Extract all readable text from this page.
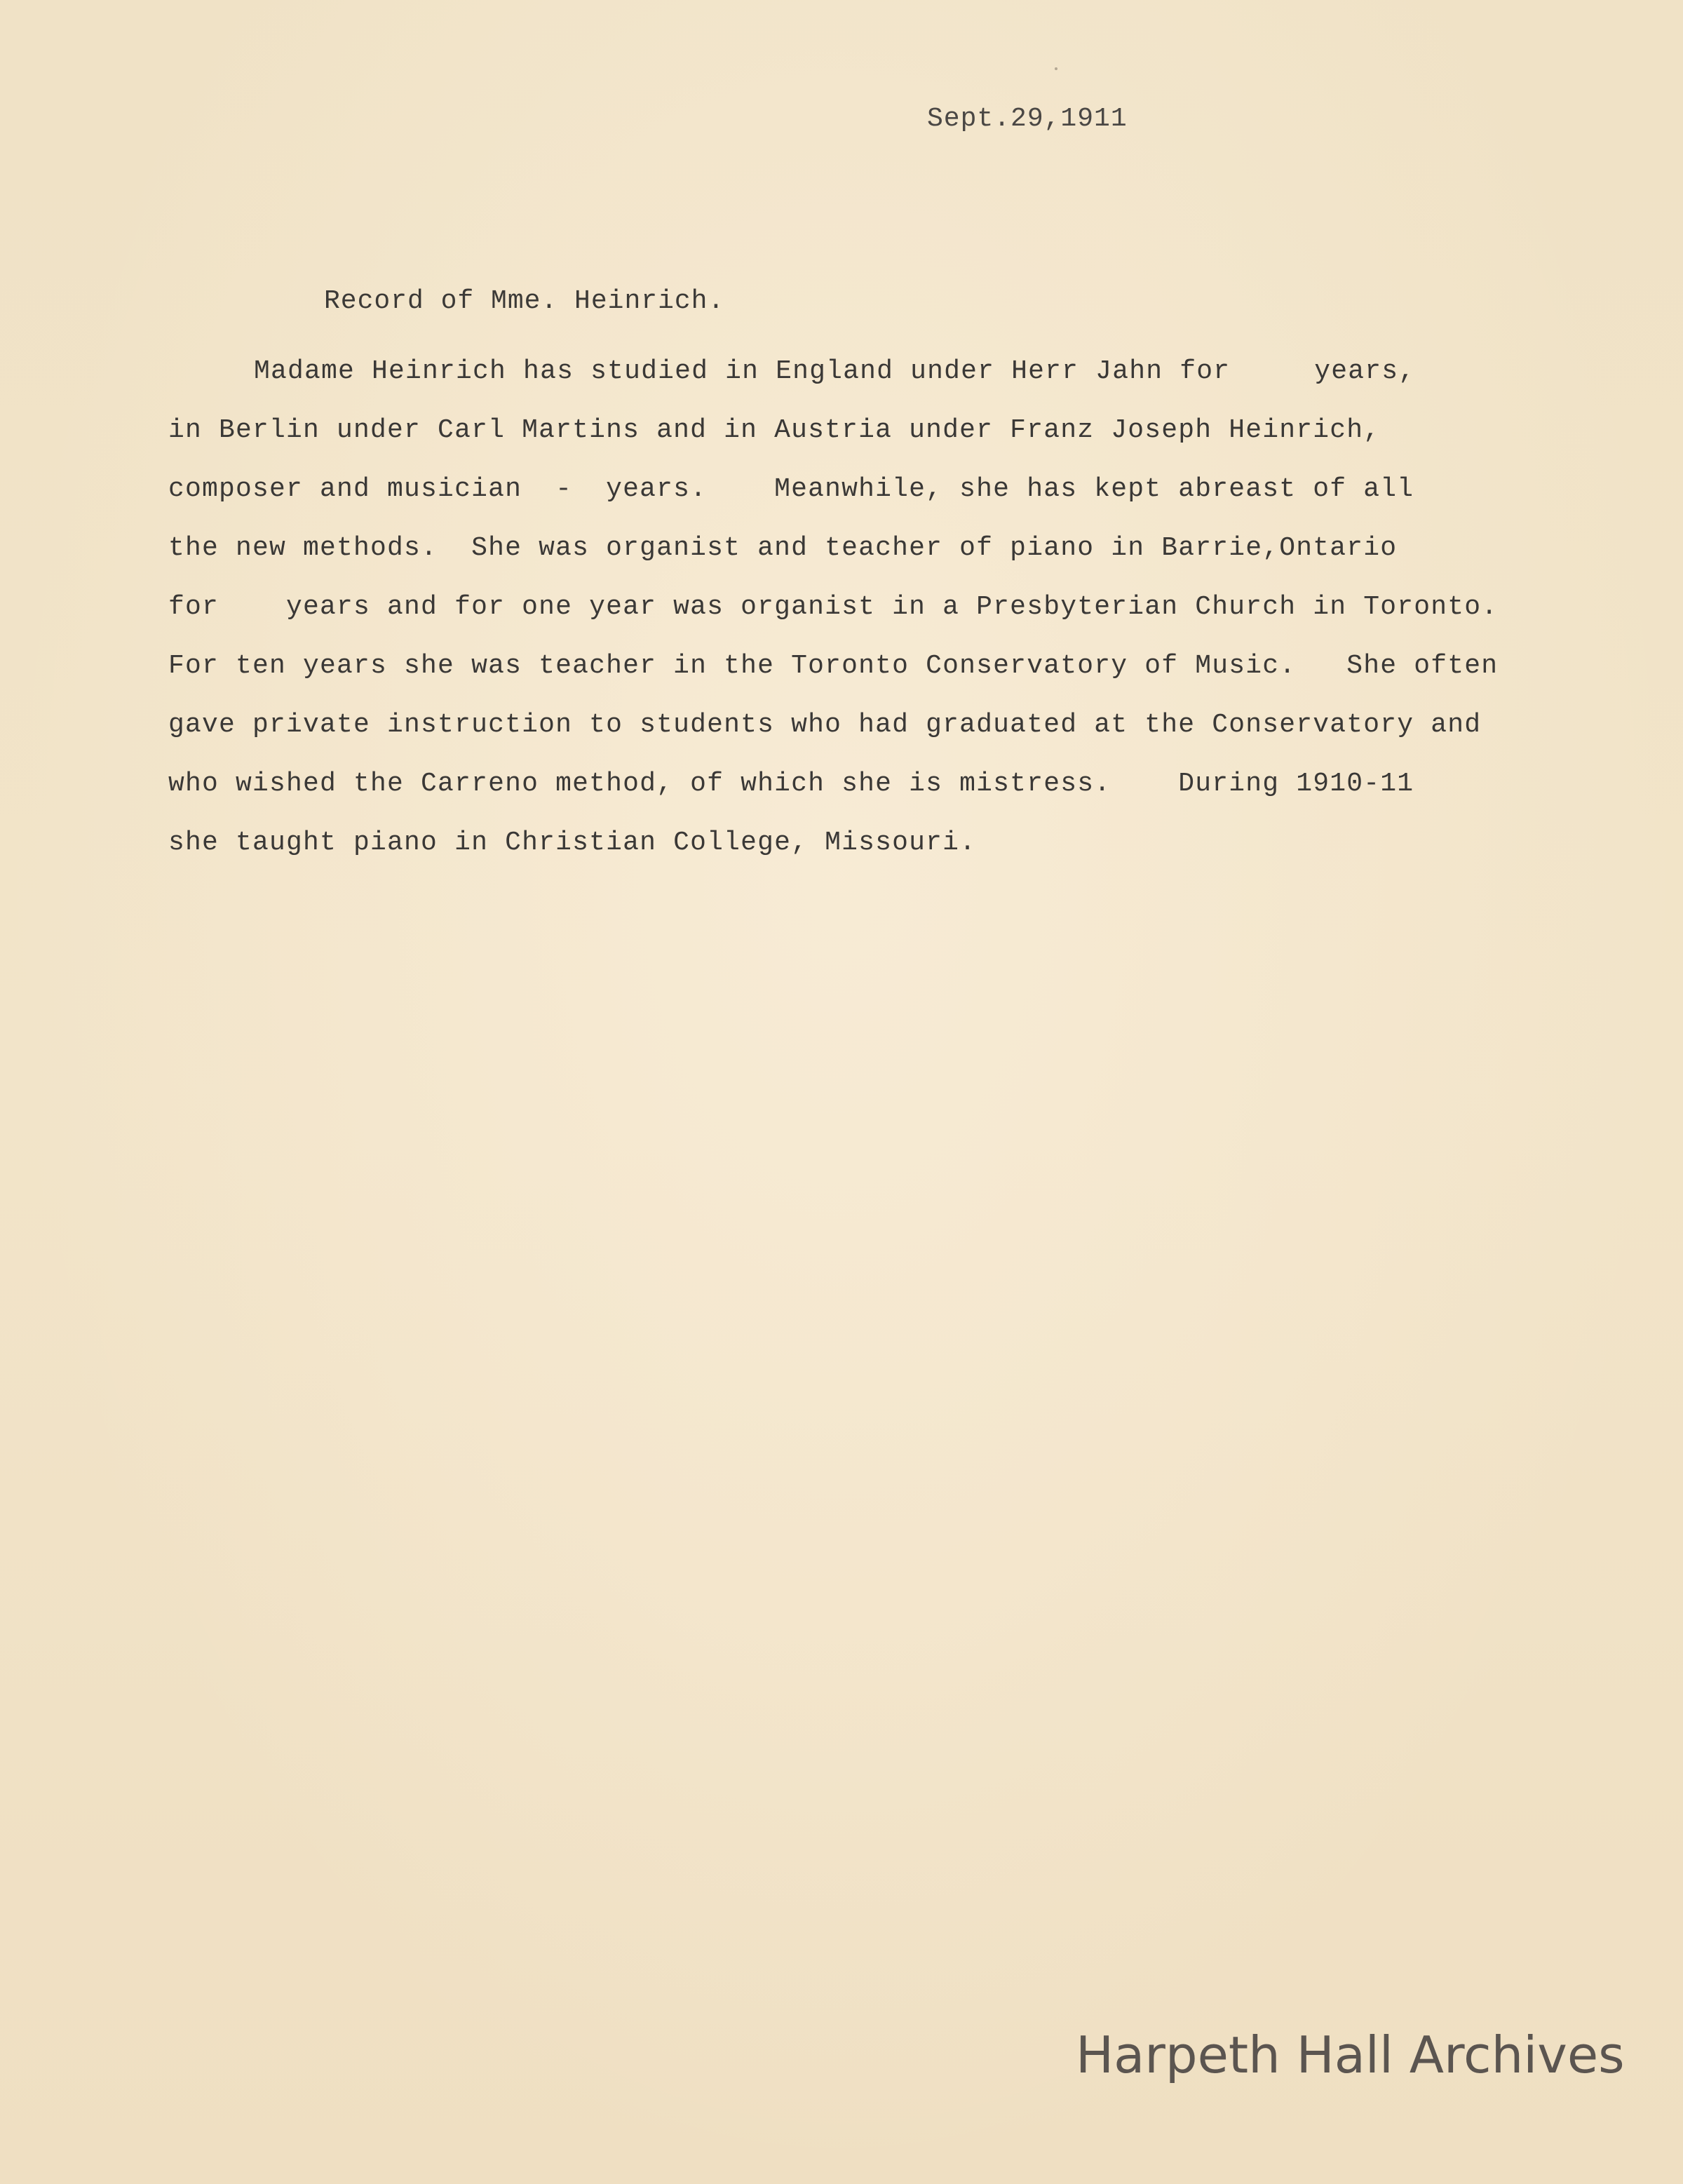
Sept.29,1911
Record of Mme. Heinrich.
Madame Heinrich has studied in England under Herr Jahn for     years,
in Berlin under Carl Martins and in Austria under Franz Joseph Heinrich,
composer and musician  -  years.    Meanwhile, she has kept abreast of all
the new methods.  She was organist and teacher of piano in Barrie,Ontario
for    years and for one year was organist in a Presbyterian Church in Toronto.
For ten years she was teacher in the Toronto Conservatory of Music.   She often
gave private instruction to students who had graduated at the Conservatory and
who wished the Carreno method, of which she is mistress.    During 1910-11
she taught piano in Christian College, Missouri.
Harpeth Hall Archives
